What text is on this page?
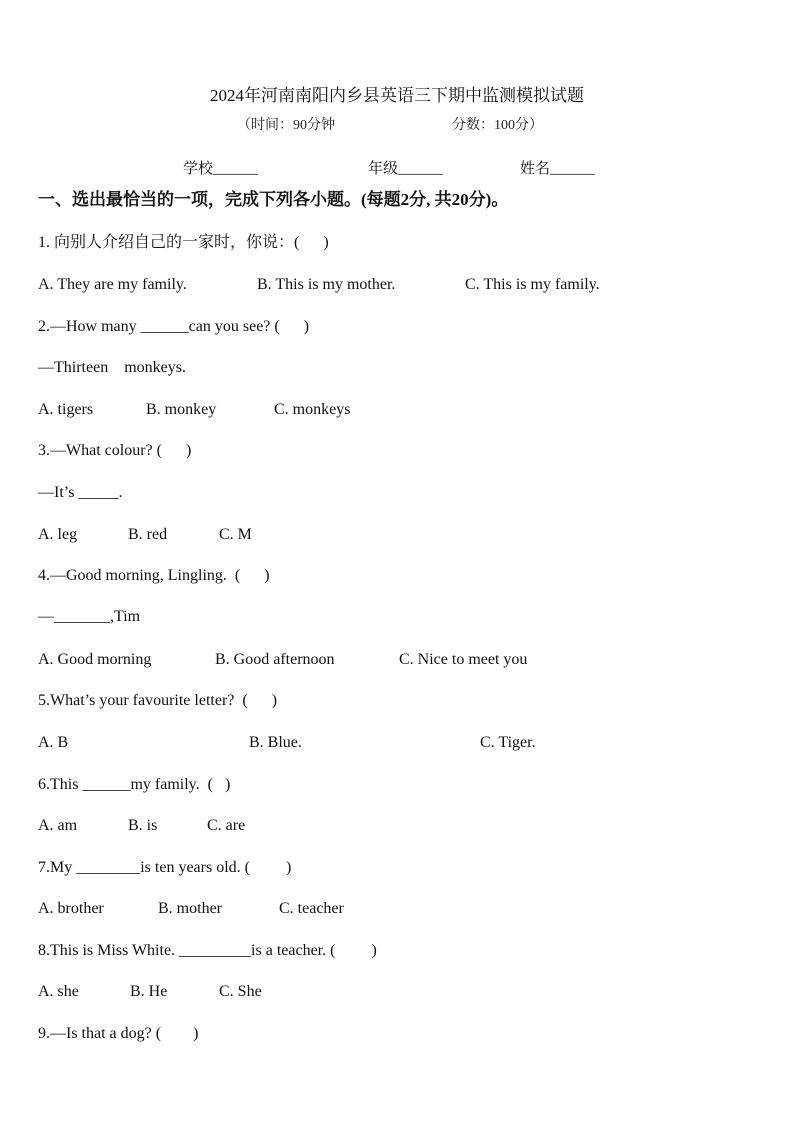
2024年河南南阳内乡县英语三下期中监测模拟试题
（时间：90分钟	分数：100分）
学校______	年级______	姓名______
一、选出最恰当的一项，完成下列各小题。(每题2分, 共20分)。
1. 向别人介绍自己的一家时，你说：(      )
A. They are my family.	B. This is my mother.	C. This is my family.
2.—How many ______can you see? (      )
—Thirteen    monkeys.
A. tigers	B. monkey	C. monkeys
3.—What colour? (      )
—It’s _____.
A. leg	B. red	C. M
4.—Good morning, Lingling.  (      )
—_______,Tim
A. Good morning	B. Good afternoon	C. Nice to meet you
5.What’s your favourite letter?  (      )
A. B	B. Blue.	C. Tiger.
6.This ______my family.  (   )
A. am	B. is	C. are
7.My ________is ten years old. (         )
A. brother	B. mother	C. teacher
8.This is Miss White. _________is a teacher. (         )
A. she	B. He	C. She
9.—Is that a dog? (        )
